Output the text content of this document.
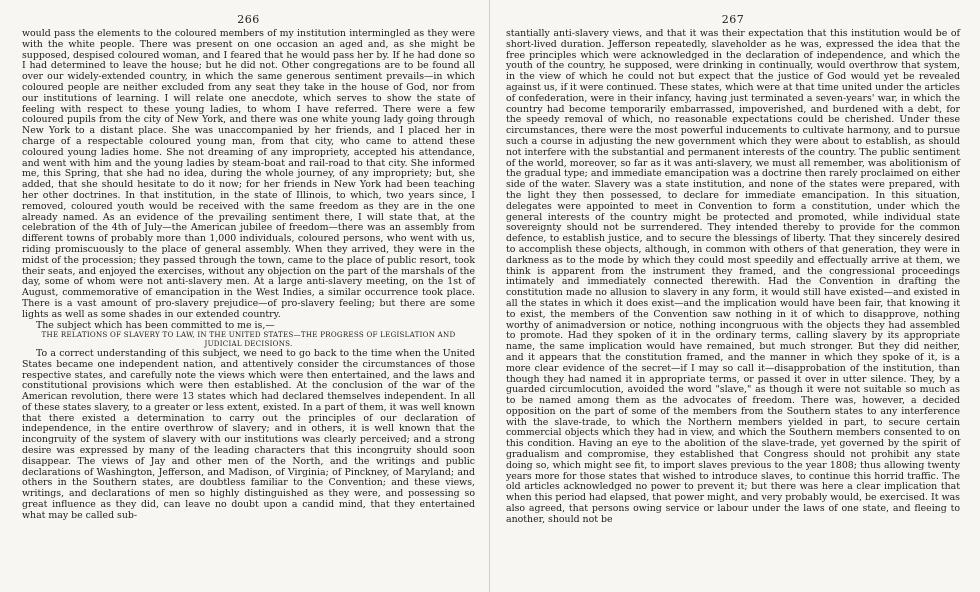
266

would pass the elements to the coloured members of my institution intermingled as they were with the white people. There was present on one occasion an aged and, as she might be supposed, despised coloured woman, and I feared that he would pass her by. If he had done so I had determined to leave the house; but he did not. Other congregations are to be found all over our widely-extended country, in which the same generous sentiment prevails—in which coloured people are neither excluded from any seat they take in the house of God, nor from our institutions of learning. I will relate one anecdote, which serves to show the state of feeling with respect to these young ladies, to whom I have referred. There were a few coloured pupils from the city of New York, and there was one white young lady going through New York to a distant place. She was unaccompanied by her friends, and I placed her in charge of a respectable coloured young man, from that city, who came to attend these coloured young ladies home. She not dreaming of any impropriety, accepted his attendance, and went with him and the young ladies by steam-boat and rail-road to that city. She informed me, this Spring, that she had no idea, during the whole journey, of any impropriety; but, she added, that she should hesitate to do it now; for her friends in New York had been teaching her other doctrines. In that institution, in the state of Illinois, to which, two years since, I removed, coloured youth would be received with the same freedom as they are in the one already named. As an evidence of the prevailing sentiment there, I will state that, at the celebration of the 4th of July—the American jubilee of freedom—there was an assembly from different towns of probably more than 1,000 individuals, coloured persons, who went with us, riding promiscuously to the place of general assembly. When they arrived, they were in the midst of the procession; they passed through the town, came to the place of public resort, took their seats, and enjoyed the exercises, without any objection on the part of the marshals of the day, some of whom were not anti-slavery men. At a large anti-slavery meeting, on the 1st of August, commemorative of emancipation in the West Indies, a similar occurrence took place. There is a vast amount of pro-slavery prejudice—of pro-slavery feeling; but there are some lights as well as some shades in our extended country.

The subject which has been committed to me is,—

THE RELATIONS OF SLAVERY TO LAW, IN THE UNITED STATES—THE PROGRESS OF LEGISLATION AND JUDICIAL DECISIONS.

To a correct understanding of this subject, we need to go back to the time when the United States became one independent nation, and attentively consider the circumstances of those respective states, and carefully note the views which were then entertained, and the laws and constitutional provisions which were then established. At the conclusion of the war of the American revolution, there were 13 states which had declared themselves independent. In all of these states slavery, to a greater or less extent, existed. In a part of them, it was well known that there existed a determination to carry out the principles of our declaration of independence, in the entire overthrow of slavery; and in others, it is well known that the incongruity of the system of slavery with our institutions was clearly perceived; and a strong desire was expressed by many of the leading characters that this incongruity should soon disappear. The views of Jay and other men of the North, and the writings and public declarations of Washington, Jefferson, and Madison, of Virginia; of Pinckney, of Maryland; and others in the Southern states, are doubtless familiar to the Convention; and these views, writings, and declarations of men so highly distinguished as they were, and possessing so great influence as they did, can leave no doubt upon a candid mind, that they entertained what may be called sub-

267

stantially anti-slavery views, and that it was their expectation that this institution would be of short-lived duration. Jefferson repeatedly, slaveholder as he was, expressed the idea that the free principles which were acknowledged in the declaration of independence, and which the youth of the country, he supposed, were drinking in continually, would overthrow that system, in the view of which he could not but expect that the justice of God would yet be revealed against us, if it were continued. These states, which were at that time united under the articles of confederation, were in their infancy, having just terminated a seven-years' war, in which the country had become temporarily embarrassed, impoverished, and burdened with a debt, for the speedy removal of which, no reasonable expectations could be cherished. Under these circumstances, there were the most powerful inducements to cultivate harmony, and to pursue such a course in adjusting the new government which they were about to establish, as should not interfere with the substantial and permanent interests of the country. The public sentiment of the world, moreover, so far as it was anti-slavery, we must all remember, was abolitionism of the gradual type; and immediate emancipation was a doctrine then rarely proclaimed on either side of the water. Slavery was a state institution, and none of the states were prepared, with the light they then possessed, to declare for immediate emancipation. In this situation, delegates were appointed to meet in Convention to form a constitution, under which the general interests of the country might be protected and promoted, while individual state sovereignty should not be surrendered. They intended thereby to provide for the common defence, to establish justice, and to secure the blessings of liberty. That they sincerely desired to accomplish these objects, although, in common with others of that generation, they were in darkness as to the mode by which they could most speedily and effectually arrive at them, we think is apparent from the instrument they framed, and the congressional proceedings intimately and immediately connected therewith. Had the Convention in drafting the constitution made no allusion to slavery in any form, it would still have existed—and existed in all the states in which it does exist—and the implication would have been fair, that knowing it to exist, the members of the Convention saw nothing in it of which to disapprove, nothing worthy of animadversion or notice, nothing incongruous with the objects they had assembled to promote. Had they spoken of it in the ordinary terms, calling slavery by its appropriate name, the same implication would have remained, but much stronger. But they did neither, and it appears that the constitution framed, and the manner in which they spoke of it, is a more clear evidence of the secret—if I may so call it—disapprobation of the institution, than though they had named it in appropriate terms, or passed it over in utter silence. They, by a guarded circumlocution, avoided the word "slave," as though it were not suitable so much as to be named among them as the advocates of freedom. There was, however, a decided opposition on the part of some of the members from the Southern states to any interference with the slave-trade, to which the Northern members yielded in part, to secure certain commercial objects which they had in view, and which the Southern members consented to on this condition. Having an eye to the abolition of the slave-trade, yet governed by the spirit of gradualism and compromise, they established that Congress should not prohibit any state doing so, which might see fit, to import slaves previous to the year 1808; thus allowing twenty years more for those states that wished to introduce slaves, to continue this horrid traffic. The old articles acknowledged no power to prevent it; but there was here a clear implication that when this period had elapsed, that power might, and very probably would, be exercised. It was also agreed, that persons owing service or labour under the laws of one state, and fleeing to another, should not be
